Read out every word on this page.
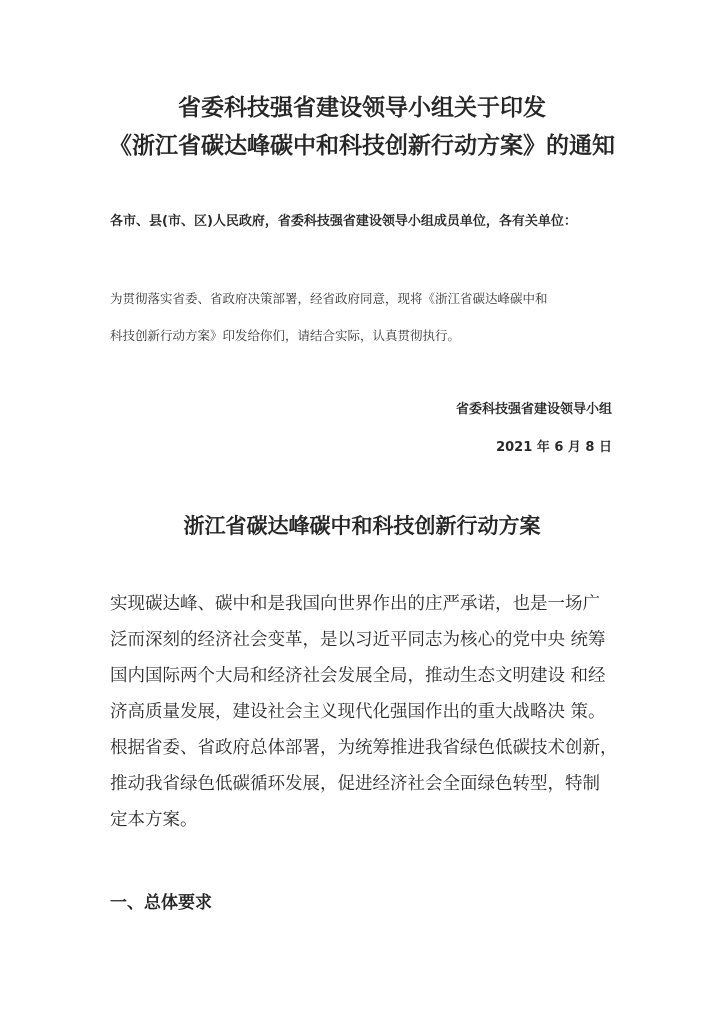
省委科技强省建设领导小组关于印发
《浙江省碳达峰碳中和科技创新行动方案》的通知
各市、县(市、区)人民政府，省委科技强省建设领导小组成员单位，各有关单位：
为贯彻落实省委、省政府决策部署，经省政府同意，现将《浙江省碳达峰碳中和
科技创新行动方案》印发给你们，请结合实际，认真贯彻执行。
省委科技强省建设领导小组
2021 年 6 月 8 日
浙江省碳达峰碳中和科技创新行动方案
实现碳达峰、碳中和是我国向世界作出的庄严承诺，也是一场广
泛而深刻的经济社会变革，是以习近平同志为核心的党中央 统筹
国内国际两个大局和经济社会发展全局，推动生态文明建设 和经
济高质量发展，建设社会主义现代化强国作出的重大战略决 策。
根据省委、省政府总体部署，为统筹推进我省绿色低碳技术创新，
推动我省绿色低碳循环发展，促进经济社会全面绿色转型，特制
定本方案。
一、总体要求
